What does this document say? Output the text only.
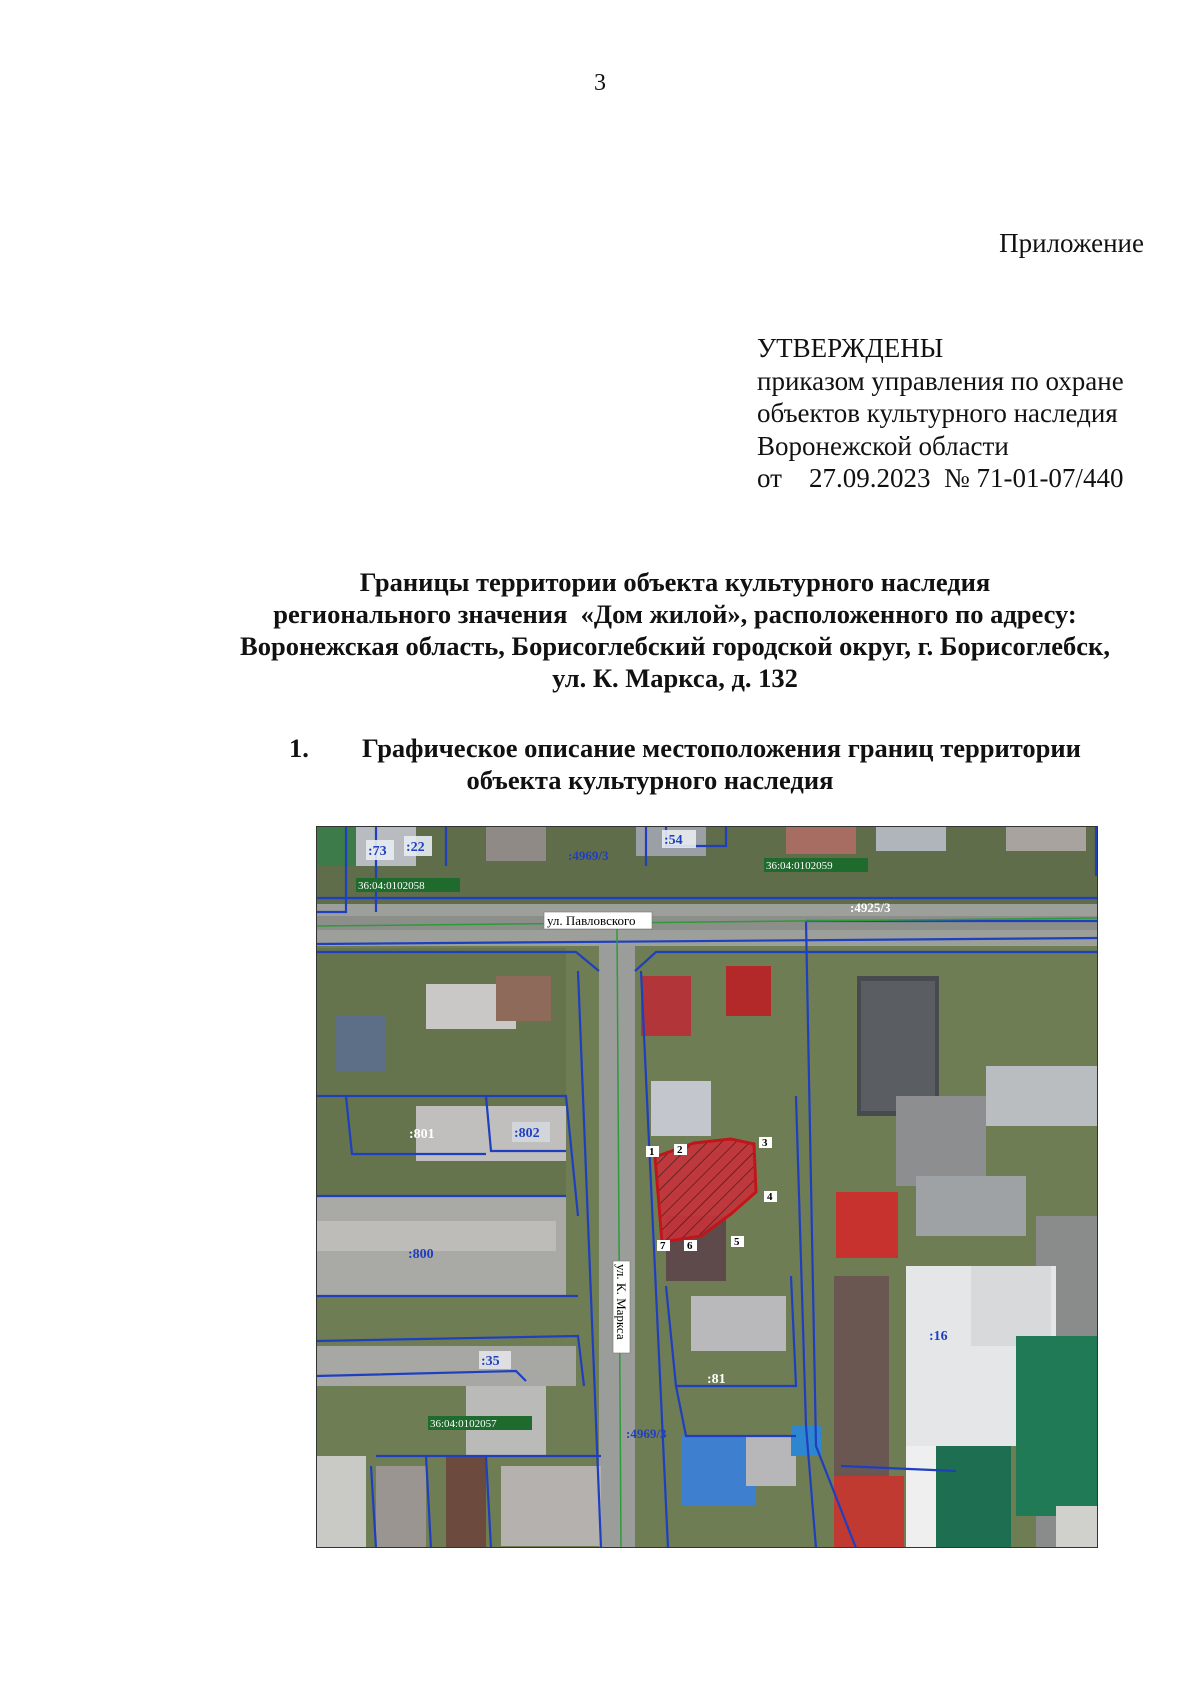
3
Приложение
УТВЕРЖДЕНЫ
приказом управления по охране
объектов культурного наследия
Воронежской области
от    27.09.2023  № 71-01-07/440
Границы территории объекта культурного наследия
регионального значения  «Дом жилой», расположенного по адресу:
Воронежская область, Борисоглебский городской округ, г. Борисоглебск,
ул. К. Маркса, д. 132
1. Графическое описание местоположения границ территории
объекта культурного наследия
1 2
3
4
5
6
7
ул. Павловского
ул. К. Маркса
36:04:0102058
36:04:0102059
36:04:0102057
:73 :22	:54
:4969/3
:4925/3
:801	:802
:800
:35
:81
:16
:4969/3
